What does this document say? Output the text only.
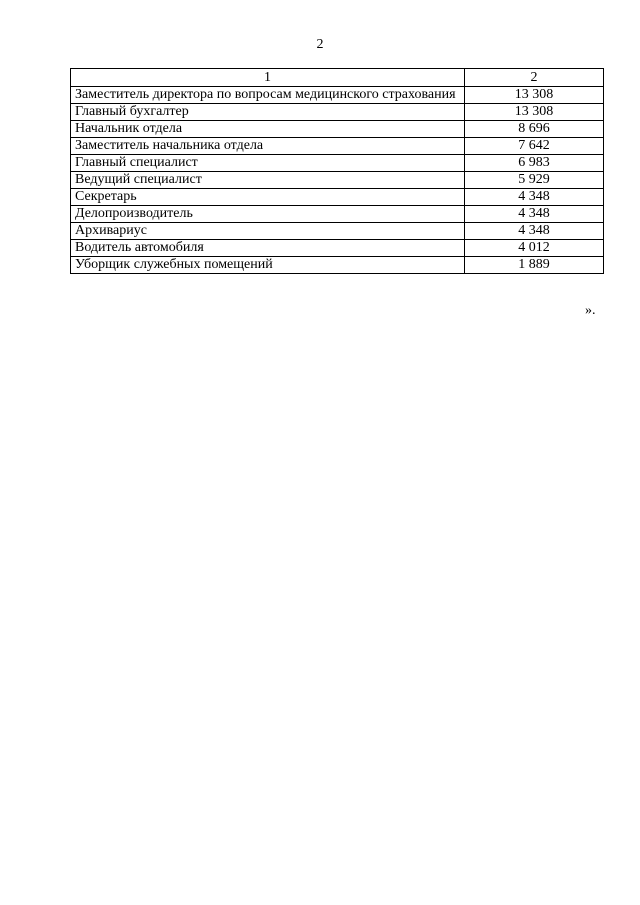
2
1	2
Заместитель директора по вопросам медицинского страхования	13 308
Главный бухгалтер	13 308
Начальник отдела	8 696
Заместитель начальника отдела	7 642
Главный специалист	6 983
Ведущий специалист	5 929
Секретарь	4 348
Делопроизводитель	4 348
Архивариус	4 348
Водитель автомобиля	4 012
Уборщик служебных помещений	1 889
».
